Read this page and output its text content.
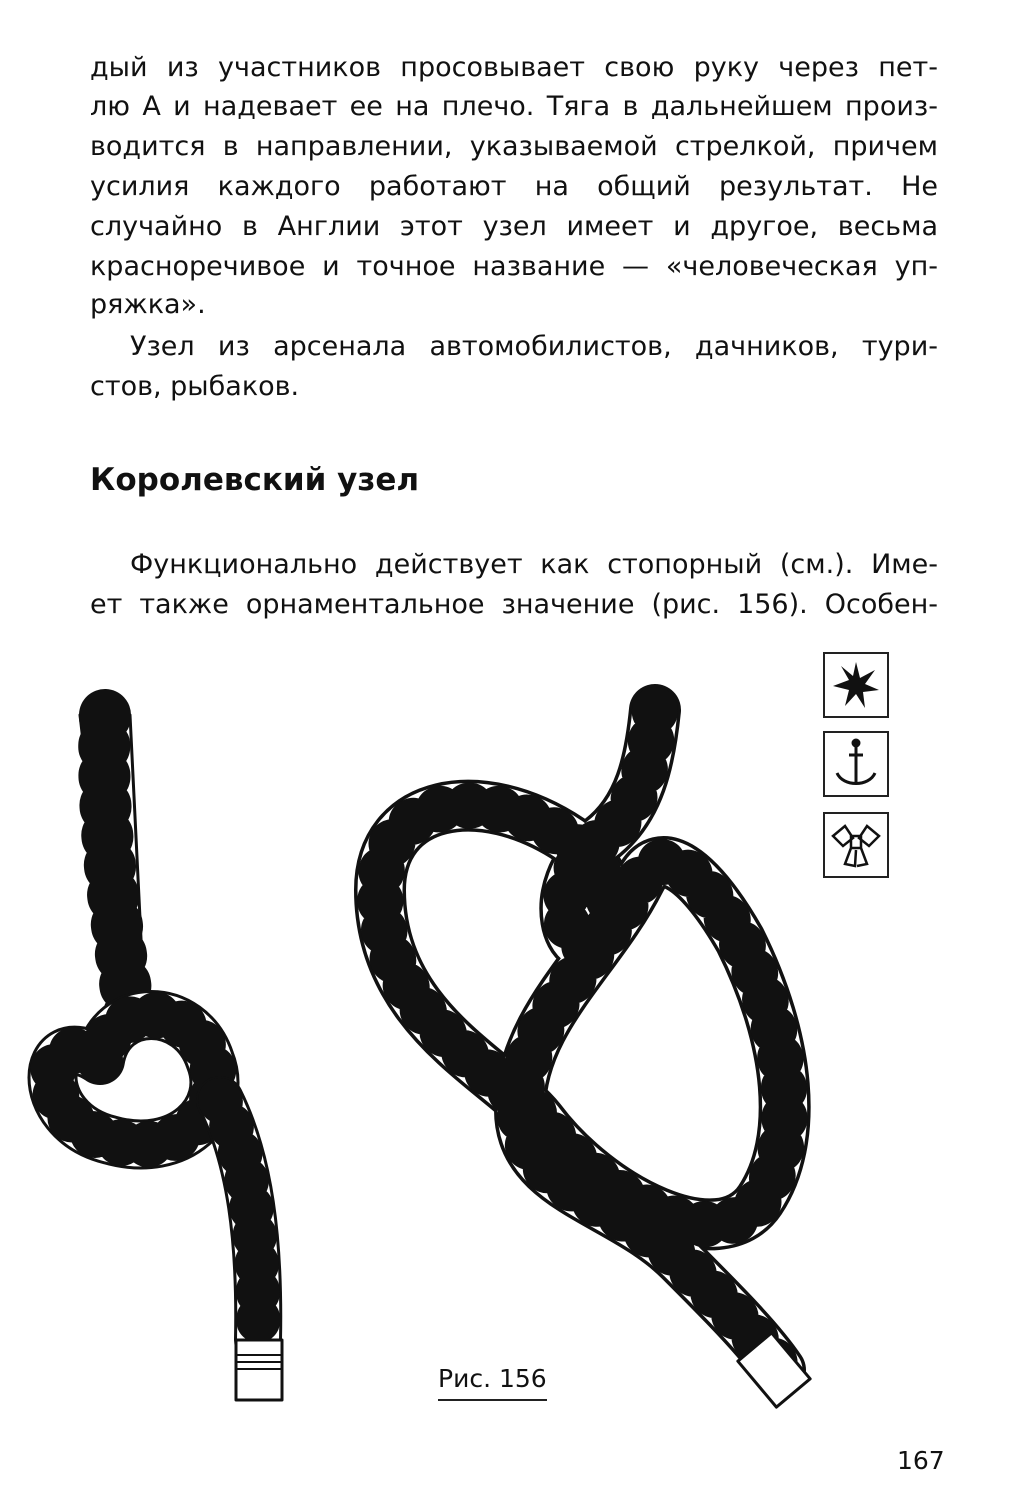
дый из участников просовывает свою руку через пет-
лю А и надевает ее на плечо. Тяга в дальнейшем произ-
водится в направлении, указываемой стрелкой, причем
усилия каждого работают на общий результат. Не
случайно в Англии этот узел имеет и другое, весьма
красноречивое и точное название — «человеческая уп-
ряжка».
Узел из арсенала автомобилистов, дачников, тури-
стов, рыбаков.
Королевский узел
Функционально действует как стопорный (см.). Име-
ет также орнаментальное значение (рис. 156). Особен-
Рис. 156
167
